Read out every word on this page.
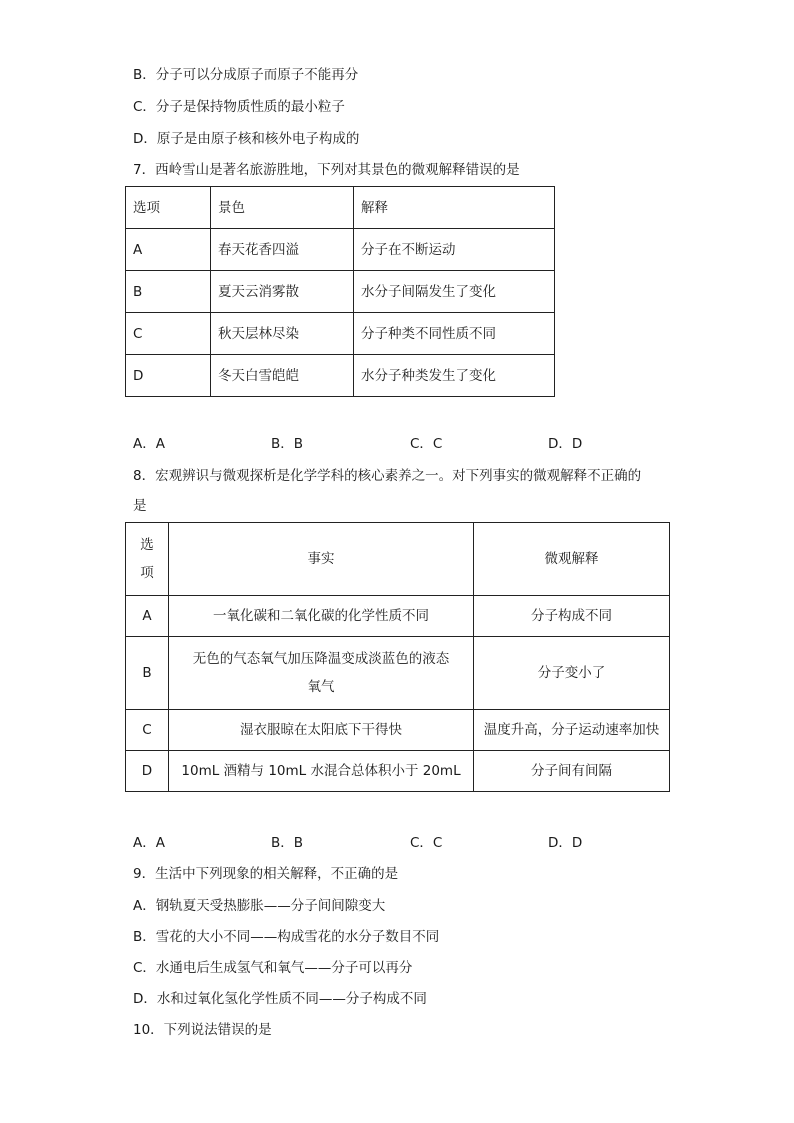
B．分子可以分成原子而原子不能再分
C．分子是保持物质性质的最小粒子
D．原子是由原子核和核外电子构成的
7．西岭雪山是著名旅游胜地，下列对其景色的微观解释错误的是
选项	景色	解释
A	春天花香四溢	分子在不断运动
B	夏天云消雾散	水分子间隔发生了变化
C	秋天层林尽染	分子种类不同性质不同
D	冬天白雪皑皑	水分子种类发生了变化
A．A	B．B	C．C	D．D
8．宏观辨识与微观探析是化学学科的核心素养之一。对下列事实的微观解释不正确的
是
选项	事实	微观解释
A	一氧化碳和二氧化碳的化学性质不同	分子构成不同
B	无色的气态氧气加压降温变成淡蓝色的液态氧气	分子变小了
C	湿衣服晾在太阳底下干得快	温度升高，分子运动速率加快
D	10mL 酒精与 10mL 水混合总体积小于 20mL	分子间有间隔
A．A	B．B	C．C	D．D
9．生活中下列现象的相关解释，不正确的是
A．钢轨夏天受热膨胀——分子间间隙变大
B．雪花的大小不同——构成雪花的水分子数目不同
C．水通电后生成氢气和氧气——分子可以再分
D．水和过氧化氢化学性质不同——分子构成不同
10．下列说法错误的是
